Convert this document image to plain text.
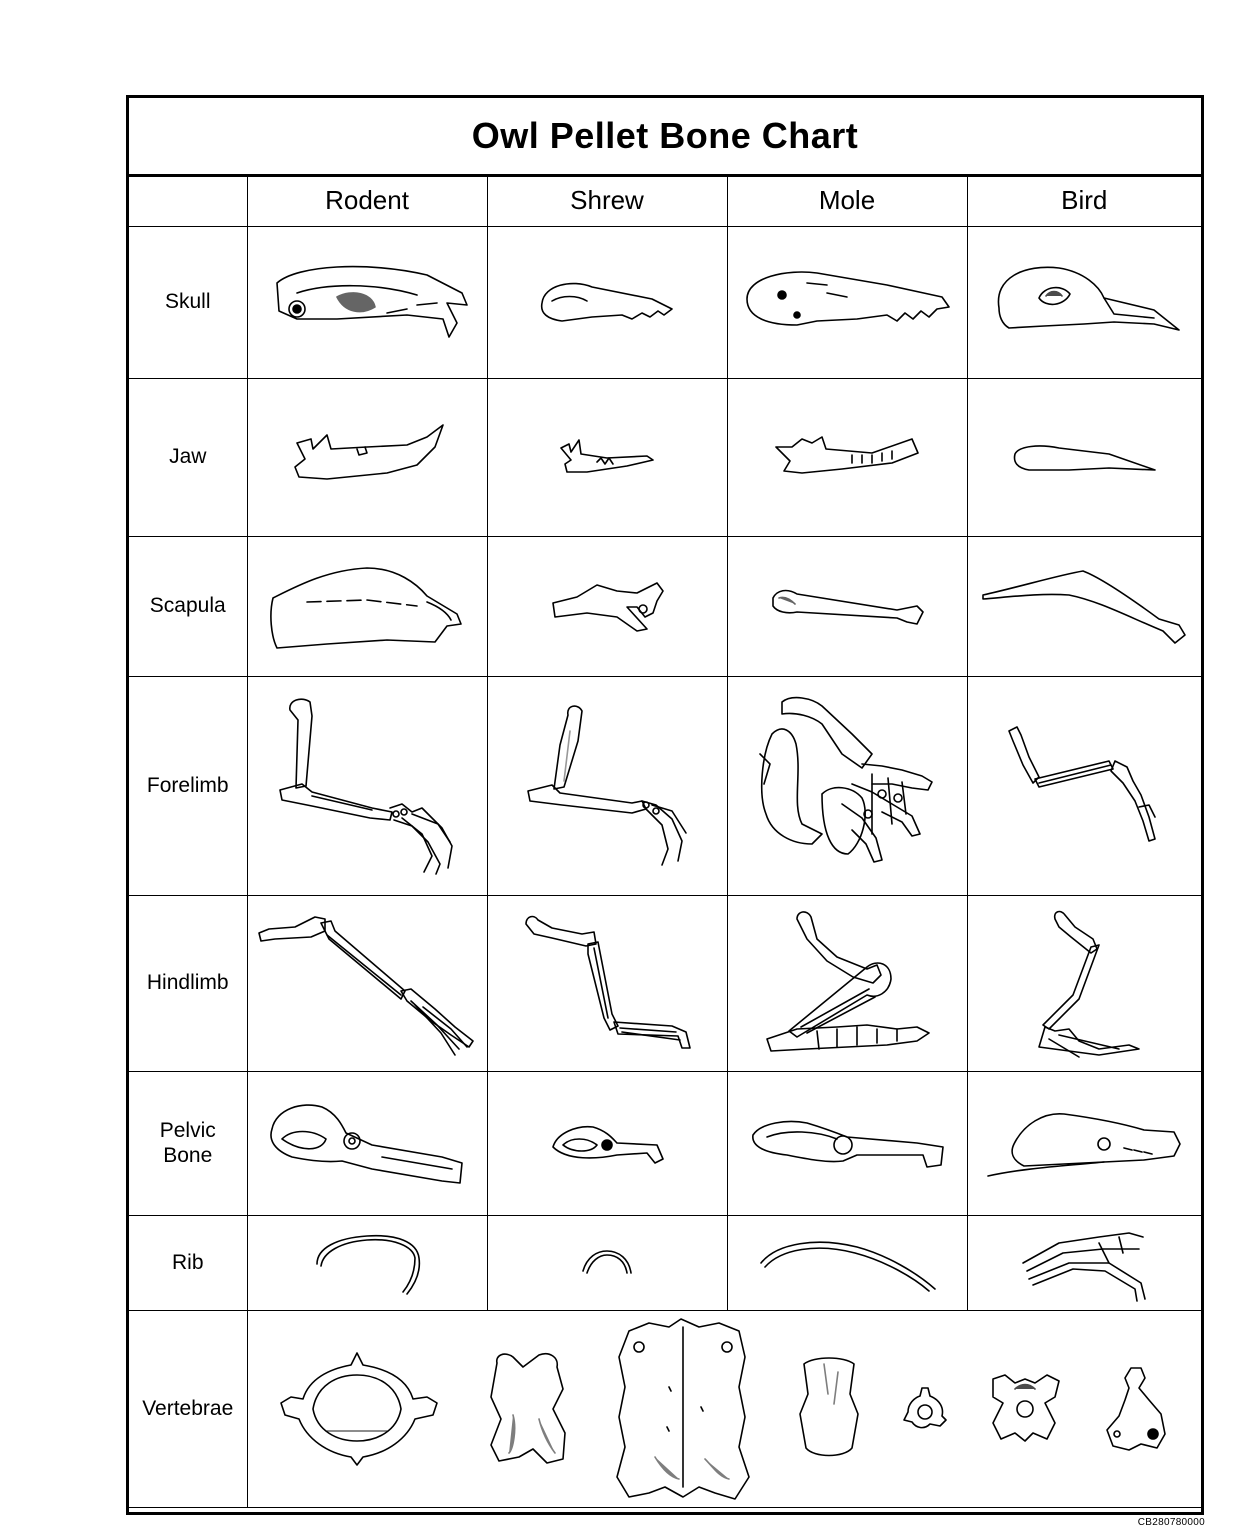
Owl Pellet Bone Chart
	Rodent	Shrew	Mole	Bird
Skull	

Jaw	

Scapula	

Forelimb	

Hindlimb	

Pelvic
Bone	

Rib	

Vertebrae	
CB280780000
